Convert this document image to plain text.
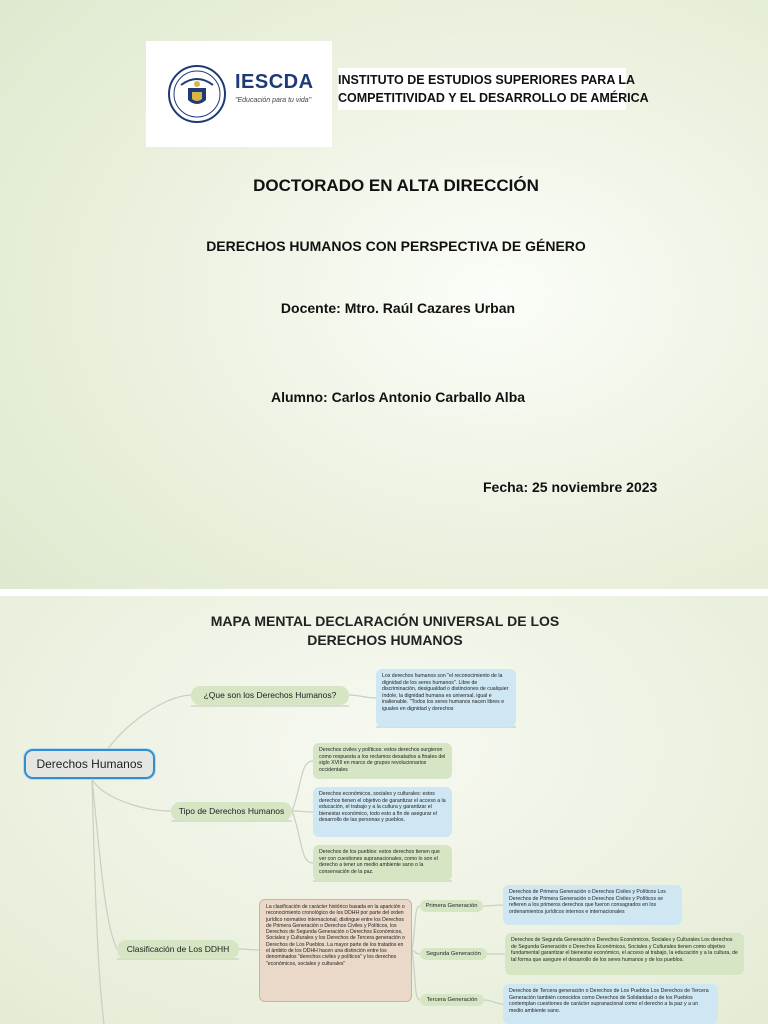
IESCDA
"Educación para tu vida"
INSTITUTO DE ESTUDIOS SUPERIORES PARA LA
COMPETITIVIDAD Y EL DESARROLLO DE AMÉRICA
DOCTORADO EN ALTA DIRECCIÓN
DERECHOS HUMANOS CON PERSPECTIVA DE GÉNERO
Docente: Mtro. Raúl Cazares Urban
Alumno: Carlos Antonio Carballo Alba
Fecha: 25 noviembre 2023
MAPA MENTAL DECLARACIÓN UNIVERSAL DE LOS
DERECHOS HUMANOS
Derechos Humanos
¿Que son los Derechos Humanos?
Los derechos humanos son "el reconocimiento de la dignidad de los seres humanos". Libre de discriminación, desigualdad o distinciones de cualquier índole, la dignidad humana es universal, igual e inalienable. "Todos los seres humanos nacen libres e iguales en dignidad y derechos
Tipo de Derechos Humanos
Derechos civiles y políticos: estos derechos surgieron como respuesta a los reclamos desatados a finales del siglo XVIII en marco de grupos revolucionarios occidentales
Derechos económicos, sociales y culturales: estos derechos tienen el objetivo de garantizar el acceso a la educación, el trabajo y a la cultura y garantizar el bienestar económico, todo esto a fin de asegurar el desarrollo de las personas y pueblos.
Derechos de los pueblos: estos derechos tienen que ver con cuestiones supranacionales, como lo son el derecho a tener un medio ambiente sano o la conservación de la paz.
Clasificación de Los DDHH
La clasificación de carácter histórico basada en la aparición o reconocimiento cronológico de los DDHH por parte del orden jurídico normativo internacional, distingue entre los Derechos de Primera Generación o Derechos Civiles y Políticos, los Derechos de Segunda Generación o Derechos Económicos, Sociales y Culturales y los Derechos de Tercera generación o Derechos de Los Pueblos. La mayor parte de los tratados en el ámbito de los DDHH hacen una distinción entre los denominados "derechos civiles y políticos" y los derechos "económicos, sociales y culturales"
Primera Generación
Segunda Generación
Tercera Generación
Derechos de Primera Generación o Derechos Civiles y Políticos Los Derechos de Primera Generación o Derechos Civiles y Políticos se refieren a los primeros derechos que fueron consagrados en los ordenamientos jurídicos internos e internacionales
Derechos de Segunda Generación o Derechos Económicos, Sociales y Culturales Los derechos de Segunda Generación o Derechos Económicos, Sociales y Culturales tienen como objetivo fundamental garantizar el bienestar económico, el acceso al trabajo, la educación y a la cultura, de tal forma que asegure el desarrollo de los seres humanos y de los pueblos.
Derechos de Tercera generación o Derechos de Los Pueblos Los Derechos de Tercera Generación también conocidos como Derechos de Solidaridad o de los Pueblos contemplan cuestiones de carácter supranacional como el derecho a la paz y a un medio ambiente sano.
